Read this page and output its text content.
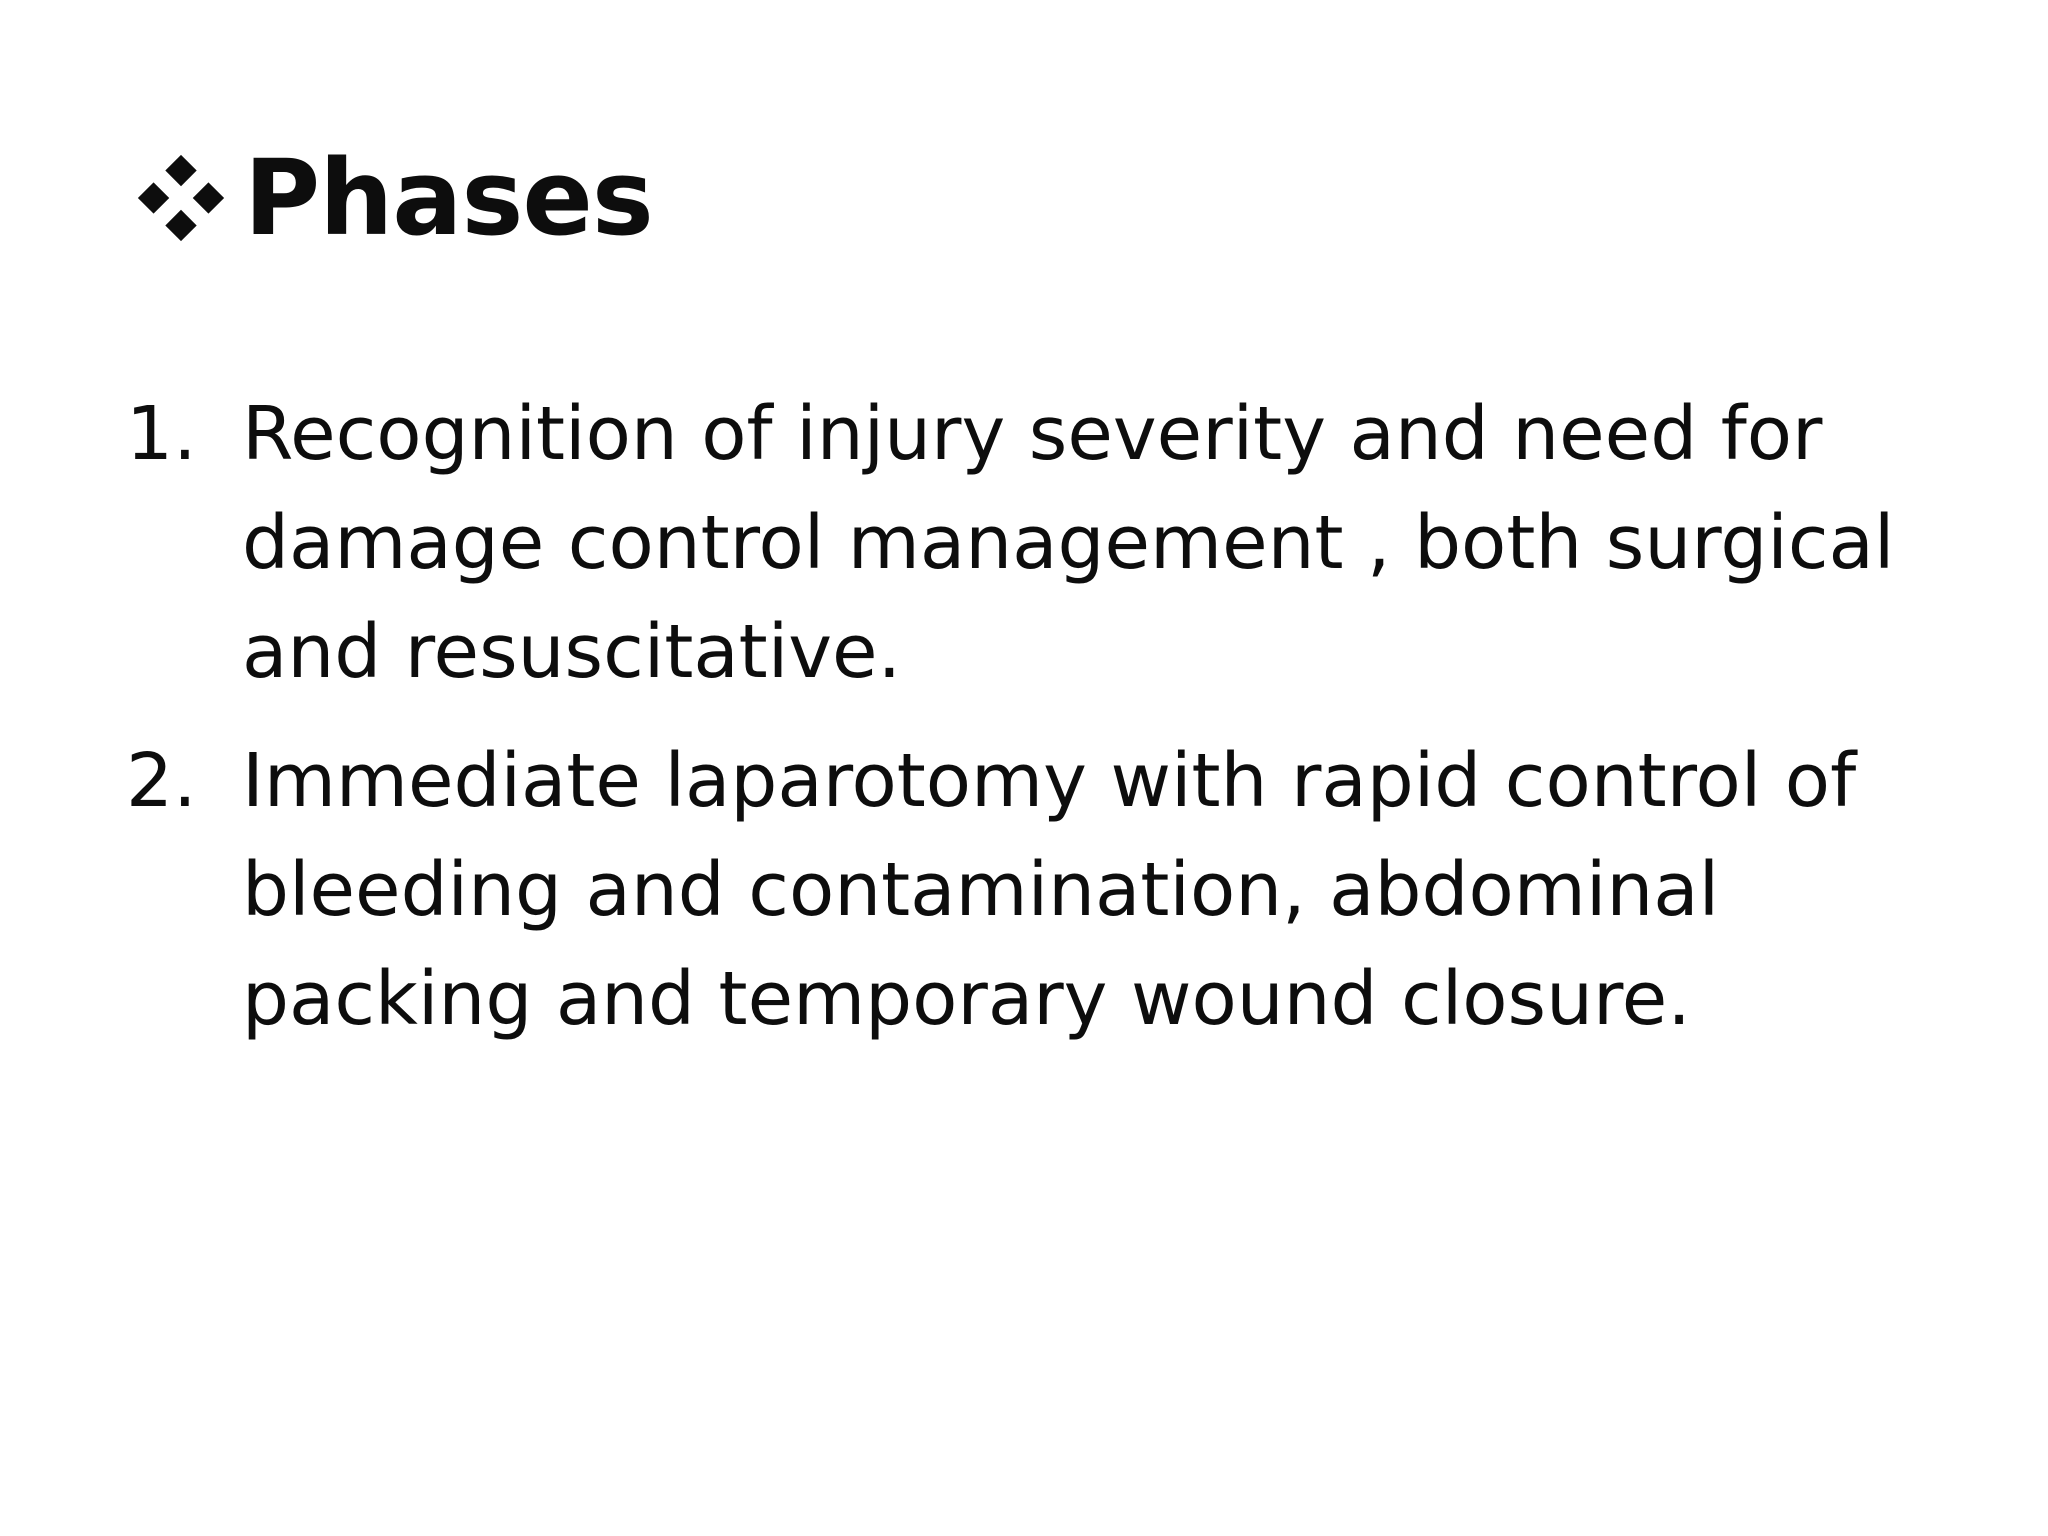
Phases
1. Recognition of injury severity and need for
damage control management , both surgical
and resuscitative.
2. Immediate laparotomy with rapid control of
bleeding and contamination, abdominal
packing and temporary wound closure.
